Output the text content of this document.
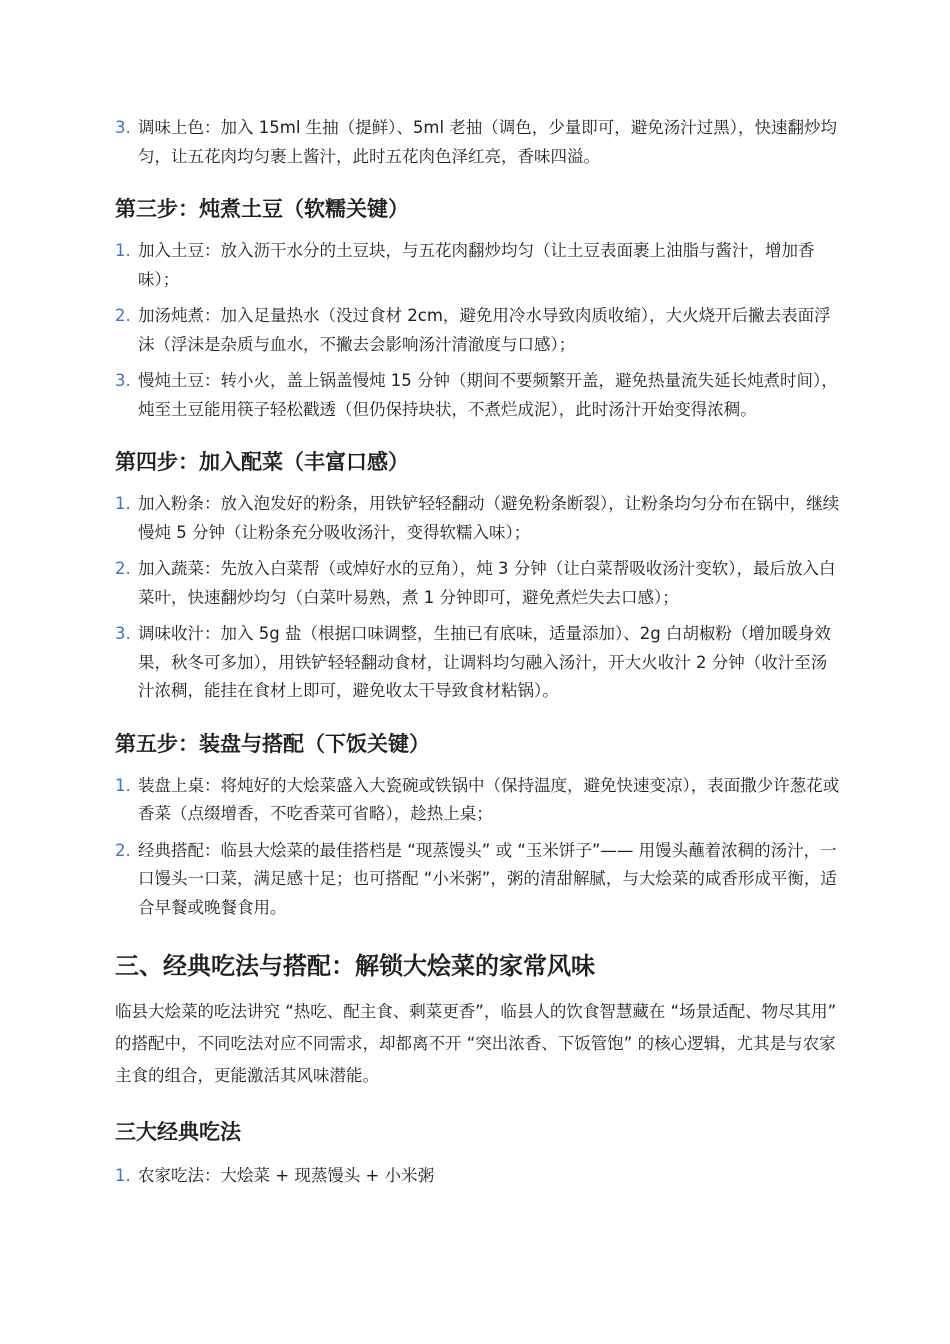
3. 调味上色：加入 15ml 生抽（提鲜）、5ml 老抽（调色，少量即可，避免汤汁过黑），快速翻炒均匀，让五花肉均匀裹上酱汁，此时五花肉色泽红亮，香味四溢。
第三步：炖煮土豆（软糯关键）
1. 加入土豆：放入沥干水分的土豆块，与五花肉翻炒均匀（让土豆表面裹上油脂与酱汁，增加香味）；
2. 加汤炖煮：加入足量热水（没过食材 2cm，避免用冷水导致肉质收缩），大火烧开后撇去表面浮沫（浮沫是杂质与血水，不撇去会影响汤汁清澈度与口感）；
3. 慢炖土豆：转小火，盖上锅盖慢炖 15 分钟（期间不要频繁开盖，避免热量流失延长炖煮时间），炖至土豆能用筷子轻松戳透（但仍保持块状，不煮烂成泥），此时汤汁开始变得浓稠。
第四步：加入配菜（丰富口感）
1. 加入粉条：放入泡发好的粉条，用铁铲轻轻翻动（避免粉条断裂），让粉条均匀分布在锅中，继续慢炖 5 分钟（让粉条充分吸收汤汁，变得软糯入味）；
2. 加入蔬菜：先放入白菜帮（或焯好水的豆角），炖 3 分钟（让白菜帮吸收汤汁变软），最后放入白菜叶，快速翻炒均匀（白菜叶易熟，煮 1 分钟即可，避免煮烂失去口感）；
3. 调味收汁：加入 5g 盐（根据口味调整，生抽已有底味，适量添加）、2g 白胡椒粉（增加暖身效果，秋冬可多加），用铁铲轻轻翻动食材，让调料均匀融入汤汁，开大火收汁 2 分钟（收汁至汤汁浓稠，能挂在食材上即可，避免收太干导致食材粘锅）。
第五步：装盘与搭配（下饭关键）
1. 装盘上桌：将炖好的大烩菜盛入大瓷碗或铁锅中（保持温度，避免快速变凉），表面撒少许葱花或香菜（点缀增香，不吃香菜可省略），趁热上桌；
2. 经典搭配：临县大烩菜的最佳搭档是 “现蒸馒头” 或 “玉米饼子”—— 用馒头蘸着浓稠的汤汁，一口馒头一口菜，满足感十足；也可搭配 “小米粥”，粥的清甜解腻，与大烩菜的咸香形成平衡，适合早餐或晚餐食用。
三、经典吃法与搭配：解锁大烩菜的家常风味

临县大烩菜的吃法讲究 “热吃、配主食、剩菜更香”，临县人的饮食智慧藏在 “场景适配、物尽其用” 的搭配中，不同吃法对应不同需求，却都离不开 “突出浓香、下饭管饱” 的核心逻辑，尤其是与农家主食的组合，更能激活其风味潜能。

三大经典吃法
1. 农家吃法：大烩菜 + 现蒸馒头 + 小米粥
